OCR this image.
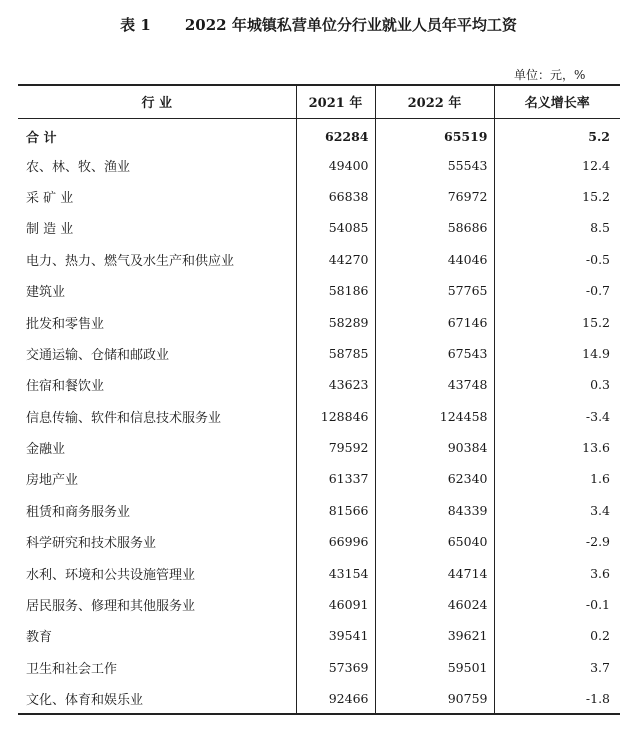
表 1 2022 年城镇私营单位分行业就业人员年平均工资
单位：元，%
行 业	2021 年	2022 年	名义增长率
合 计	62284	65519	5.2
农、林、牧、渔业	49400	55543	12.4
采 矿 业	66838	76972	15.2
制 造 业	54085	58686	8.5
电力、热力、燃气及水生产和供应业	44270	44046	-0.5
建筑业	58186	57765	-0.7
批发和零售业	58289	67146	15.2
交通运输、仓储和邮政业	58785	67543	14.9
住宿和餐饮业	43623	43748	0.3
信息传输、软件和信息技术服务业	128846	124458	-3.4
金融业	79592	90384	13.6
房地产业	61337	62340	1.6
租赁和商务服务业	81566	84339	3.4
科学研究和技术服务业	66996	65040	-2.9
水利、环境和公共设施管理业	43154	44714	3.6
居民服务、修理和其他服务业	46091	46024	-0.1
教育	39541	39621	0.2
卫生和社会工作	57369	59501	3.7
文化、体育和娱乐业	92466	90759	-1.8
